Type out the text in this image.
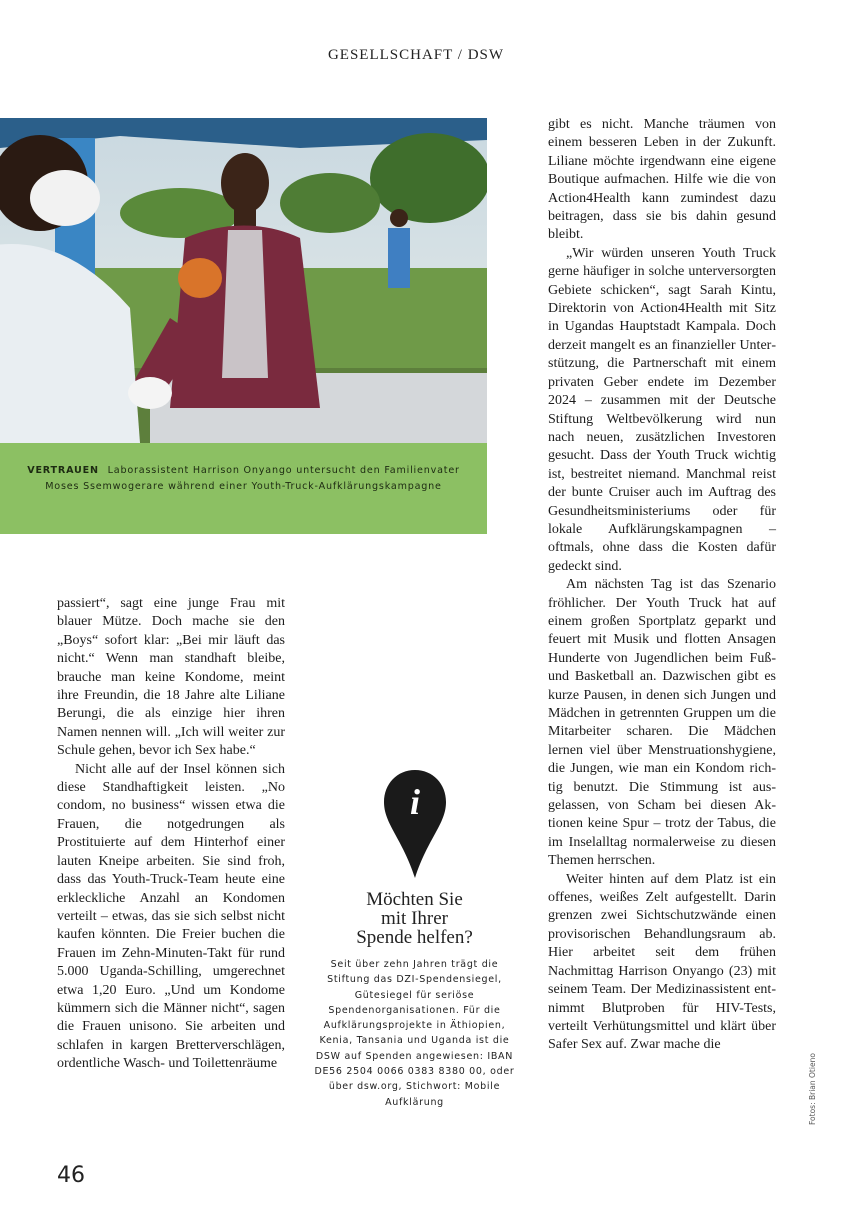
GESELLSCHAFT / DSW
VERTRAUEN Laborassistent Harrison Onyango untersucht den Familienvater Moses Ssemwogerare während einer Youth-Truck-Aufklärungskampagne

passiert“, sagt eine junge Frau mit blauer Mütze. Doch mache sie den „Boys“ sofort klar: „Bei mir läuft das nicht.“ Wenn man standhaft bleibe, brauche man keine Kondome, meint ihre Freundin, die 18 Jahre alte Liliane Berungi, die als einzige hier ihren Namen nennen will. „Ich will weiter zur Schule gehen, bevor ich Sex habe.“

Nicht alle auf der Insel können sich diese Standhaftigkeit leisten. „No condom, no business“ wissen etwa die Frauen, die notgedrungen als Prostituierte auf dem Hinterhof einer lauten Kneipe arbeiten. Sie sind froh, dass das Youth-Truck-Team heute eine erkleckliche Anzahl an Kondomen verteilt – etwas, das sie sich selbst nicht kaufen könnten. Die Freier buchen die Frauen im Zehn-Minuten-Takt für rund 5.000 Uganda-Schilling, umgerechnet etwa 1,20 Euro. „Und um Kondome kümmern sich die Männer nicht“, sagen die Frauen unisono. Sie arbeiten und schlafen in kargen Bretterverschlägen, ordentliche Wasch- und Toilettenräume

gibt es nicht. Manche träumen von einem besseren Leben in der Zukunft. Liliane möchte irgendwann eine eigene Boutique aufmachen. Hilfe wie die von Action4Health kann zumindest dazu beitragen, dass sie bis dahin gesund bleibt.

„Wir würden unseren Youth Truck gerne häufiger in solche unterversorgten Gebiete schicken“, sagt Sarah Kintu, Direktorin von Action4Health mit Sitz in Ugandas Hauptstadt Kampala. Doch derzeit mangelt es an finanzieller Unterstützung, die Partnerschaft mit einem privaten Geber endete im Dezember 2024 – zusammen mit der Deutsche Stiftung Weltbevölkerung wird nun nach neuen, zusätzlichen Investoren gesucht. Dass der Youth Truck wichtig ist, bestreitet niemand. Manchmal reist der bunte Cruiser auch im Auftrag des Gesundheitsministeriums oder für lokale Aufklärungskampagnen – oftmals, ohne dass die Kosten dafür gedeckt sind.

Am nächsten Tag ist das Szenario fröhlicher. Der Youth Truck hat auf einem großen Sportplatz geparkt und feuert mit Musik und flotten Ansagen Hunderte von Jugendlichen beim Fuß- und Basketball an. Dazwischen gibt es kurze Pausen, in denen sich Jungen und Mädchen in getrennten Gruppen um die Mitarbeiter scharen. Die Mädchen lernen viel über Menstruationshygiene, die Jungen, wie man ein Kondom richtig benutzt. Die Stimmung ist ausgelassen, von Scham bei diesen Aktionen keine Spur – trotz der Tabus, die im Inselalltag normalerweise zu diesen Themen herrschen.

Weiter hinten auf dem Platz ist ein offenes, weißes Zelt aufgestellt. Darin grenzen zwei Sichtschutzwände einen provisorischen Behandlungsraum ab. Hier arbeitet seit dem frühen Nachmittag Harrison Onyango (23) mit seinem Team. Der Medizinassistent entnimmt Blutproben für HIV-Tests, verteilt Verhütungsmittel und klärt über Safer Sex auf. Zwar mache die

i
Möchten Sie
mit Ihrer
Spende helfen?
Seit über zehn Jahren trägt die Stiftung das DZI-Spendensiegel, Gütesiegel für seriöse Spendenorganisationen. Für die Aufklärungsprojekte in Äthiopien, Kenia, Tansania und Uganda ist die DSW auf Spenden angewiesen: IBAN DE56 2504 0066 0383 8380 00, oder über dsw.org, Stichwort: Mobile Aufklärung
46
Fotos: Brian Otieno
